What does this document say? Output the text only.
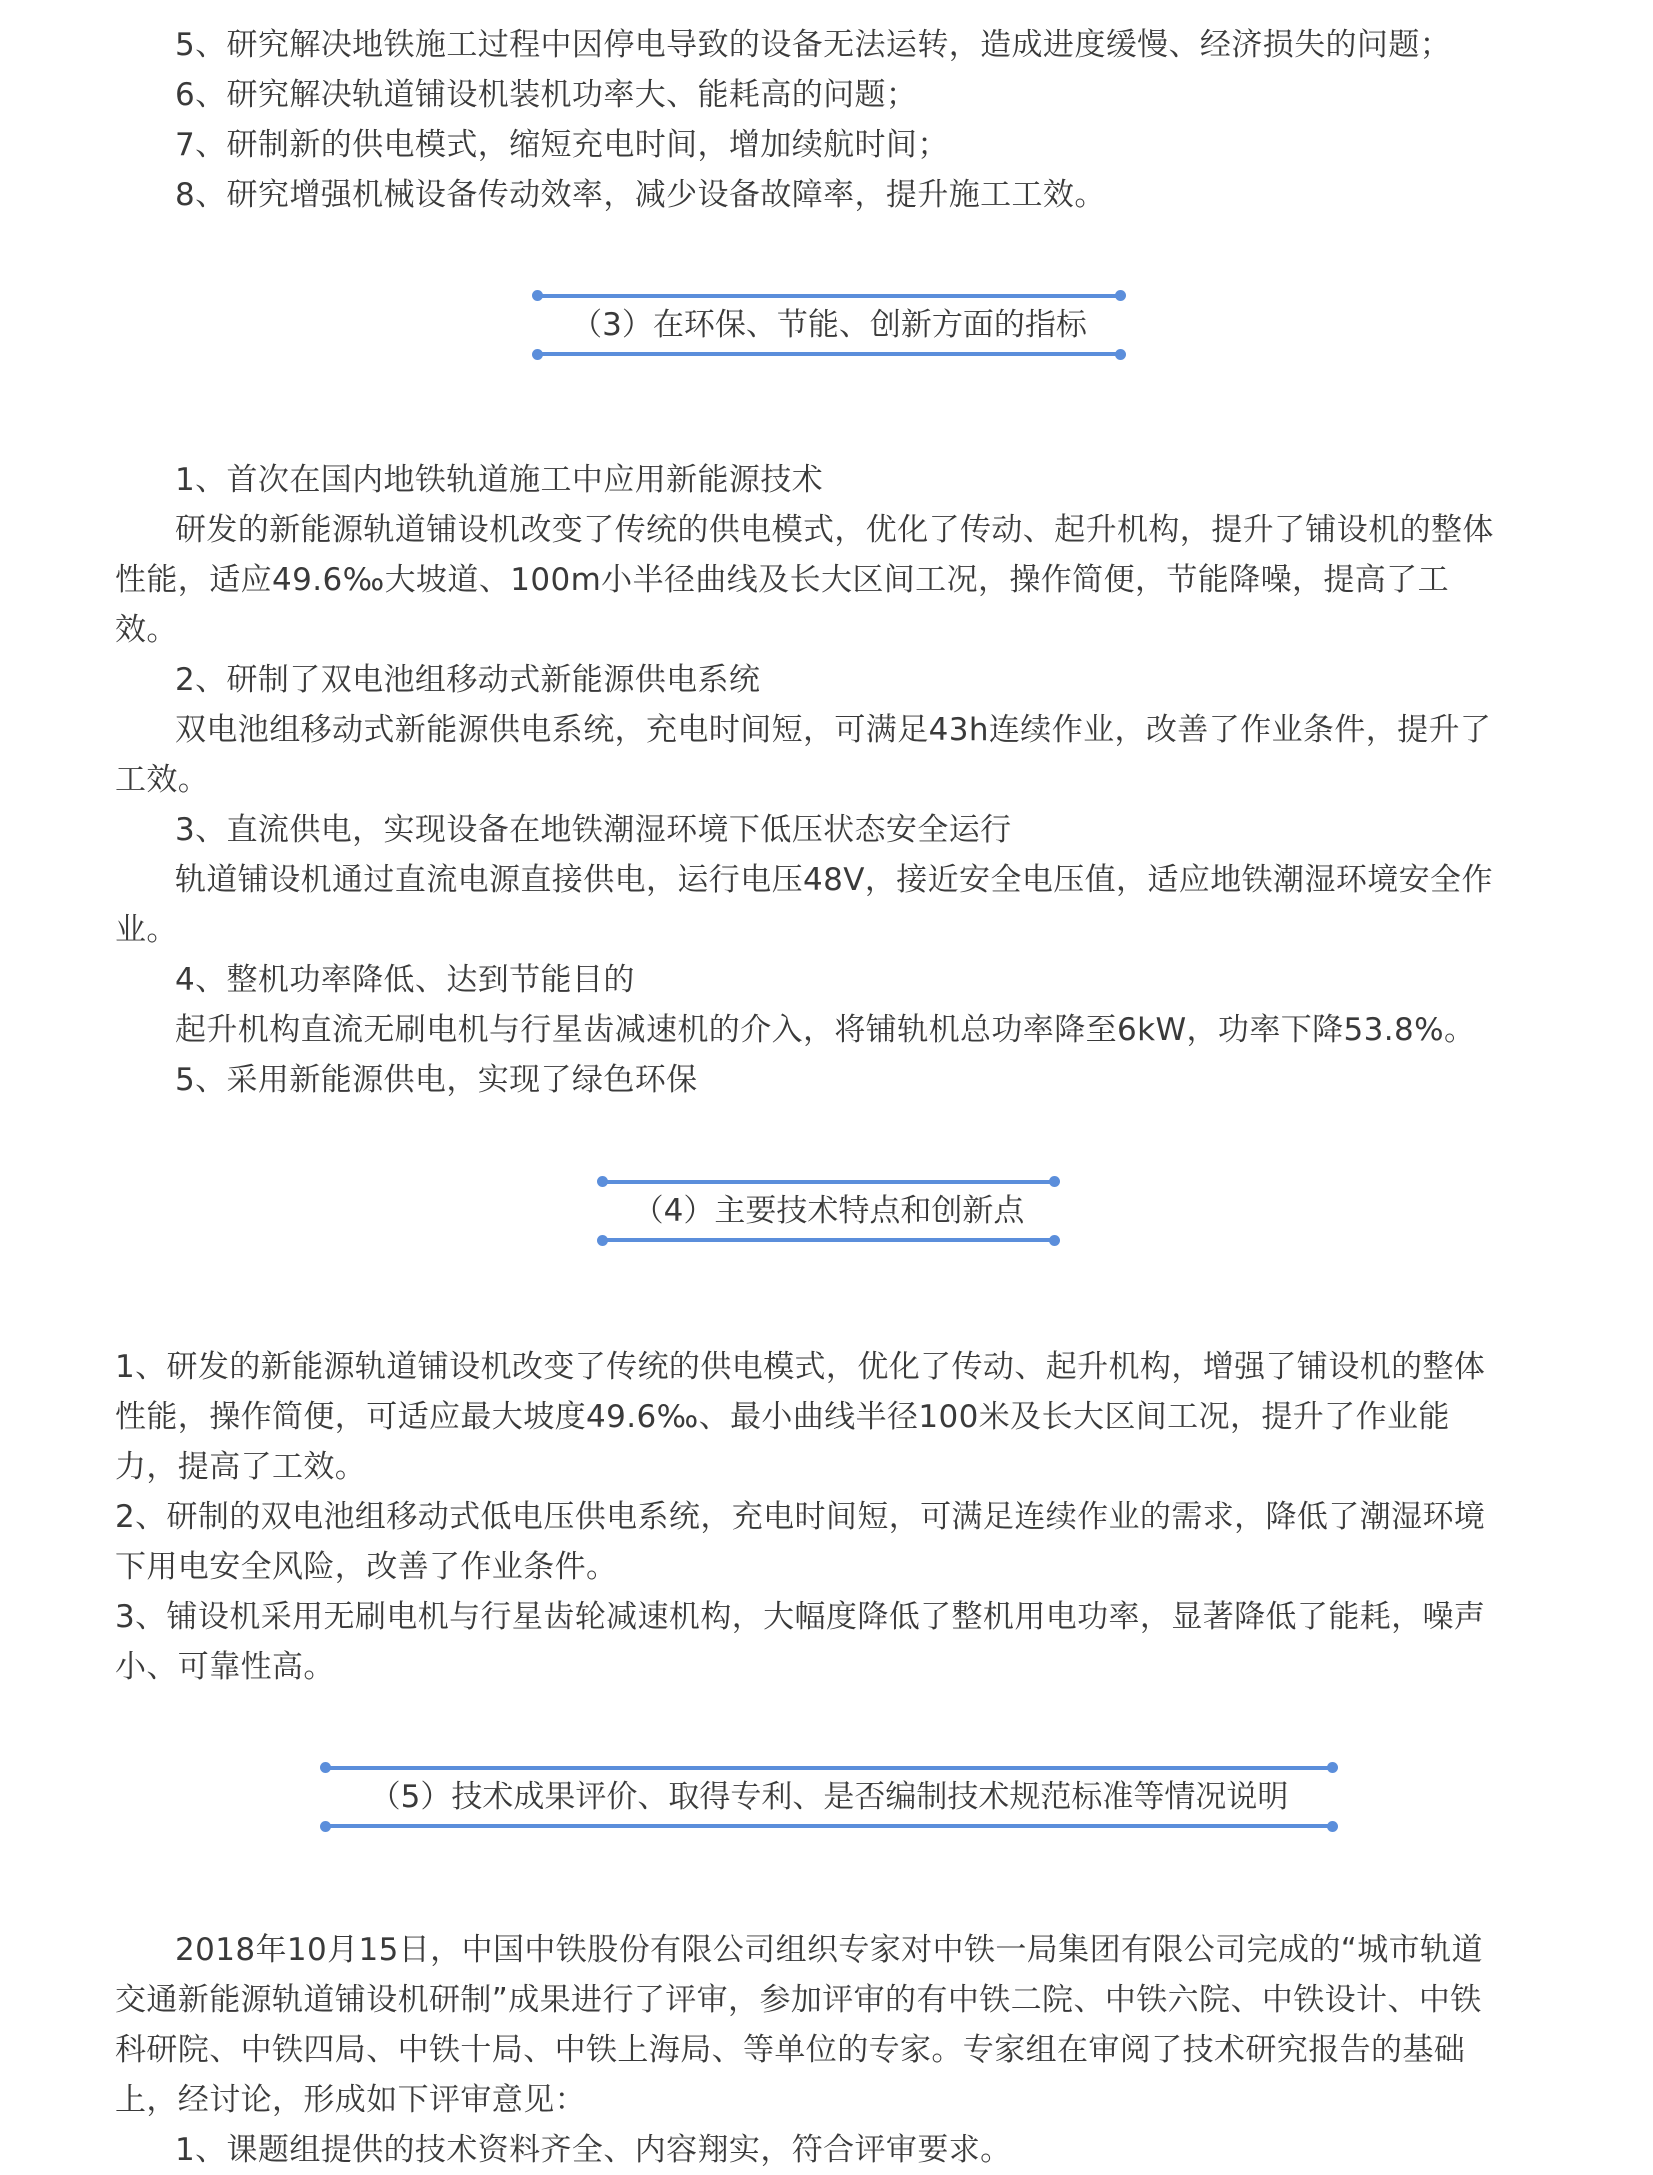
5、研究解决地铁施工过程中因停电导致的设备无法运转，造成进度缓慢、经济损失的问题；
6、研究解决轨道铺设机装机功率大、能耗高的问题；
7、研制新的供电模式，缩短充电时间，增加续航时间；
8、研究增强机械设备传动效率，减少设备故障率，提升施工工效。
（3）在环保、节能、创新方面的指标
1、首次在国内地铁轨道施工中应用新能源技术
研发的新能源轨道铺设机改变了传统的供电模式，优化了传动、起升机构，提升了铺设机的整体
性能，适应49.6‰大坡道、100m小半径曲线及长大区间工况，操作简便，节能降噪，提高了工
效。
2、研制了双电池组移动式新能源供电系统
双电池组移动式新能源供电系统，充电时间短，可满足43h连续作业，改善了作业条件，提升了
工效。
3、直流供电，实现设备在地铁潮湿环境下低压状态安全运行
轨道铺设机通过直流电源直接供电，运行电压48V，接近安全电压值，适应地铁潮湿环境安全作
业。
4、整机功率降低、达到节能目的
起升机构直流无刷电机与行星齿减速机的介入，将铺轨机总功率降至6kW，功率下降53.8%。
5、采用新能源供电，实现了绿色环保
（4）主要技术特点和创新点
1、研发的新能源轨道铺设机改变了传统的供电模式，优化了传动、起升机构，增强了铺设机的整体
性能，操作简便，可适应最大坡度49.6‰、最小曲线半径100米及长大区间工况，提升了作业能
力，提高了工效。
2、研制的双电池组移动式低电压供电系统，充电时间短，可满足连续作业的需求，降低了潮湿环境
下用电安全风险，改善了作业条件。
3、铺设机采用无刷电机与行星齿轮减速机构，大幅度降低了整机用电功率，显著降低了能耗，噪声
小、可靠性高。
（5）技术成果评价、取得专利、是否编制技术规范标准等情况说明
2018年10月15日，中国中铁股份有限公司组织专家对中铁一局集团有限公司完成的“城市轨道
交通新能源轨道铺设机研制”成果进行了评审，参加评审的有中铁二院、中铁六院、中铁设计、中铁
科研院、中铁四局、中铁十局、中铁上海局、等单位的专家。专家组在审阅了技术研究报告的基础
上，经讨论，形成如下评审意见：
1、课题组提供的技术资料齐全、内容翔实，符合评审要求。
